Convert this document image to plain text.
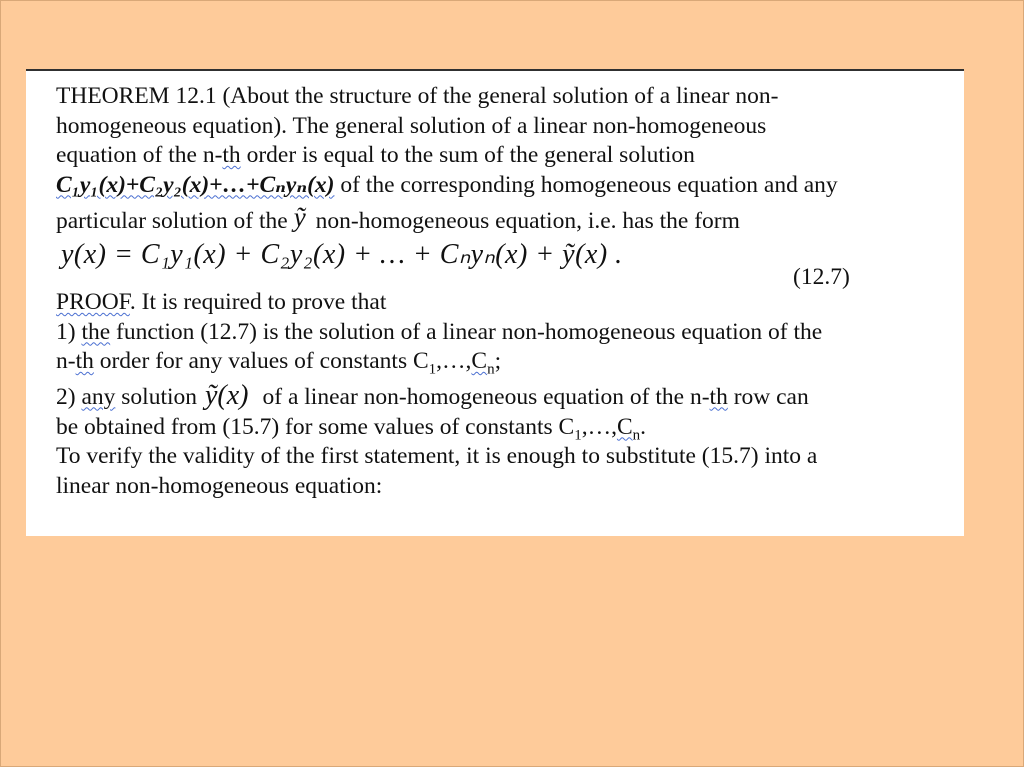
THEOREM 12.1 (About the structure of the general solution of a linear non-
homogeneous equation). The general solution of a linear non-homogeneous
equation of the n-th order is equal to the sum of the general solution
C₁y₁(x)+C₂y₂(x)+…+Cₙyₙ(x) of the corresponding homogeneous equation and any
particular solution of the ỹ non-homogeneous equation, i.e. has the form
y(x) = C₁y₁(x) + C₂y₂(x) + … + Cₙyₙ(x) + ỹ(x) .
(12.7)
PROOF. It is required to prove that
1) the function (12.7) is the solution of a linear non-homogeneous equation of the
n-th order for any values of constants $C_1,\dots,C_n$;
2) any solution ỹ(x) of a linear non-homogeneous equation of the n-th row can
be obtained from (15.7) for some values of constants $C_1,\dots,C_n$.
To verify the validity of the first statement, it is enough to substitute (15.7) into a
linear non-homogeneous equation:
